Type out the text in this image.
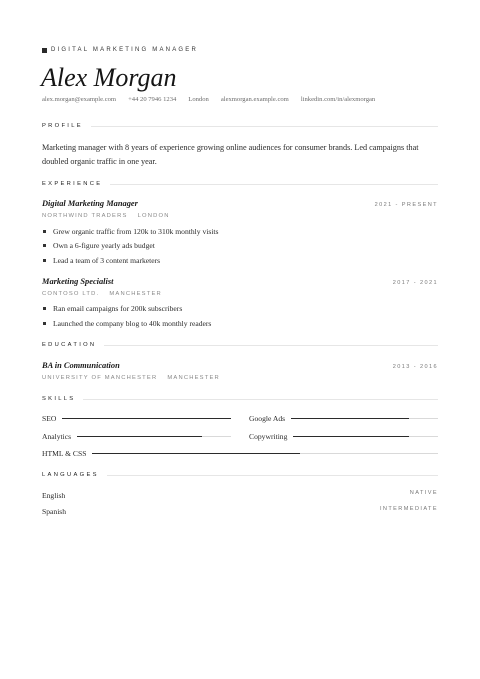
DIGITAL MARKETING MANAGER
Alex Morgan
alex.morgan@example.com +44 20 7946 1234 London alexmorgan.example.com linkedin.com/in/alexmorgan
PROFILE
Marketing manager with 8 years of experience growing online audiences for consumer brands. Led campaigns that doubled organic traffic in one year.
EXPERIENCE
Digital Marketing Manager	2021 - PRESENT
NORTHWIND TRADERS LONDON
Grew organic traffic from 120k to 310k monthly visits
Own a 6-figure yearly ads budget
Lead a team of 3 content marketers
Marketing Specialist	2017 - 2021
CONTOSO LTD. MANCHESTER
Ran email campaigns for 200k subscribers
Launched the company blog to 40k monthly readers
EDUCATION
BA in Communication	2013 - 2016
UNIVERSITY OF MANCHESTER MANCHESTER
SKILLS
SEO	Google Ads
Analytics	Copywriting
HTML & CSS
LANGUAGES
English	NATIVE
Spanish	INTERMEDIATE
